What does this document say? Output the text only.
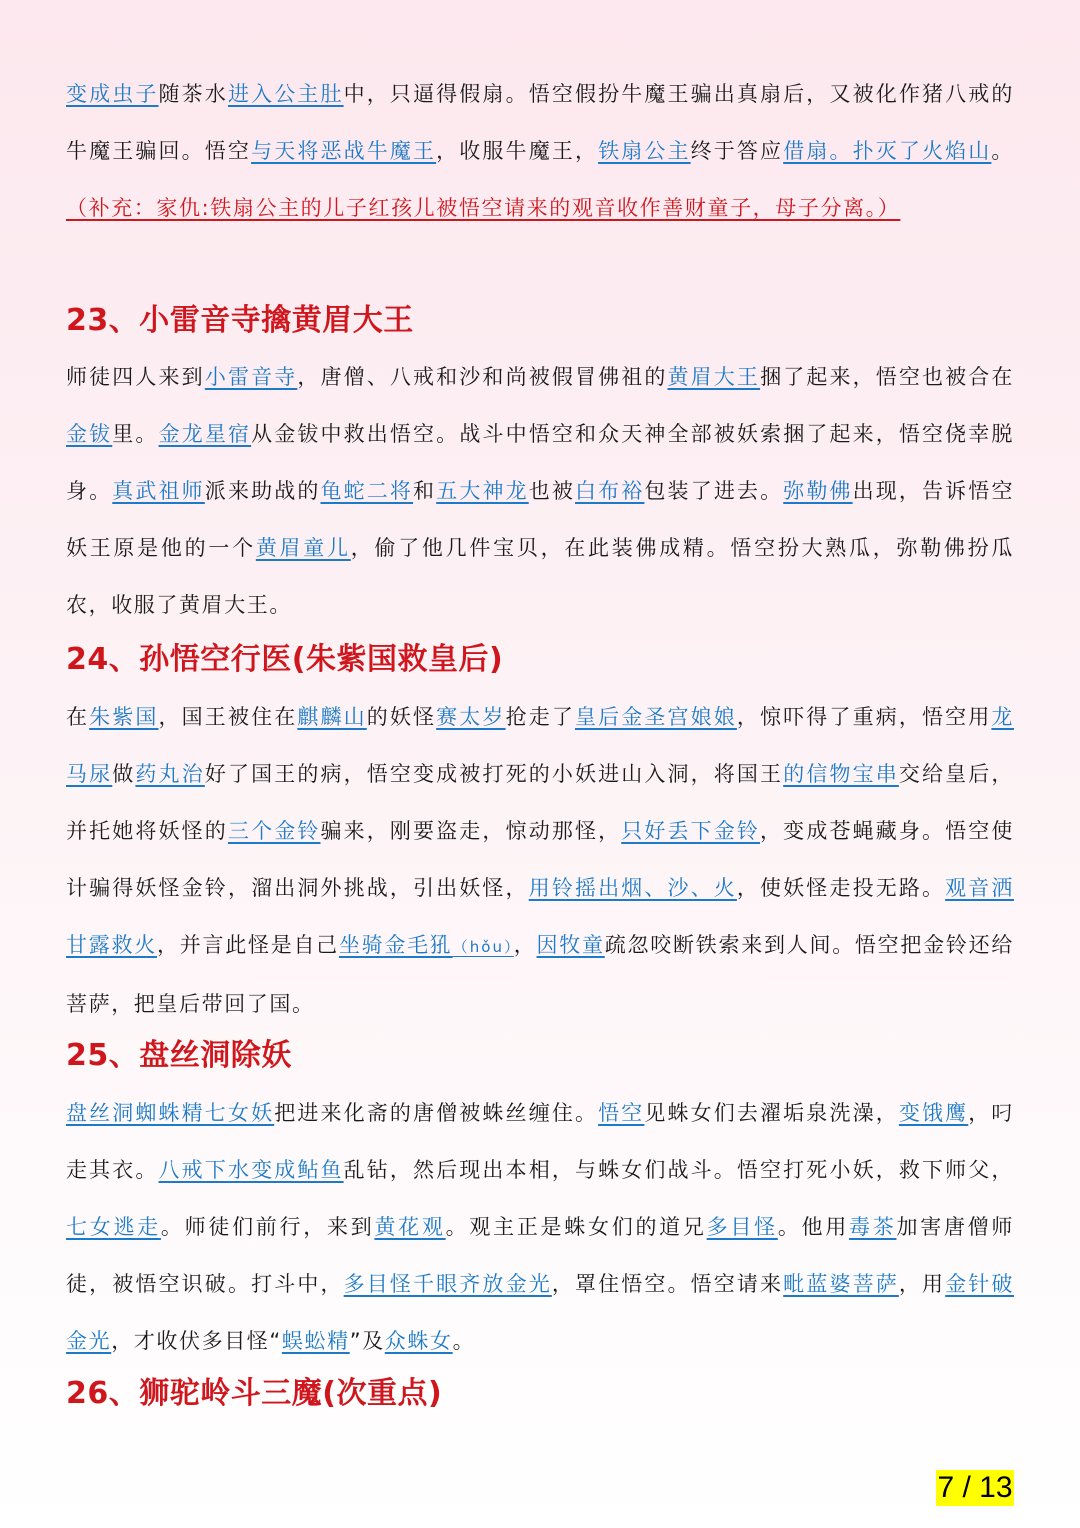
变成虫子随茶水进入公主肚中，只逼得假扇。悟空假扮牛魔王骗出真扇后，又被化作猪八戒的牛魔王骗回。悟空与天将恶战牛魔王，收服牛魔王，铁扇公主终于答应借扇。扑灭了火焰山。（补充：家仇:铁扇公主的儿子红孩儿被悟空请来的观音收作善财童子，母子分离。）

23、小雷音寺擒黄眉大王

师徒四人来到小雷音寺，唐僧、八戒和沙和尚被假冒佛祖的黄眉大王捆了起来，悟空也被合在金钹里。金龙星宿从金钹中救出悟空。战斗中悟空和众天神全部被妖索捆了起来，悟空侥幸脱身。真武祖师派来助战的龟蛇二将和五大神龙也被白布裕包装了进去。弥勒佛出现，告诉悟空妖王原是他的一个黄眉童儿，偷了他几件宝贝，在此装佛成精。悟空扮大熟瓜，弥勒佛扮瓜农，收服了黄眉大王。

24、孙悟空行医(朱紫国救皇后)

在朱紫国，国王被住在麒麟山的妖怪赛太岁抢走了皇后金圣宫娘娘，惊吓得了重病，悟空用龙马尿做药丸治好了国王的病，悟空变成被打死的小妖进山入洞，将国王的信物宝串交给皇后，并托她将妖怪的三个金铃骗来，刚要盗走，惊动那怪，只好丢下金铃，变成苍蝇藏身。悟空使计骗得妖怪金铃，溜出洞外挑战，引出妖怪，用铃摇出烟、沙、火，使妖怪走投无路。观音洒甘露救火，并言此怪是自己坐骑金毛犼（hǒu），因牧童疏忽咬断铁索来到人间。悟空把金铃还给菩萨，把皇后带回了国。

25、盘丝洞除妖

盘丝洞蜘蛛精七女妖把进来化斋的唐僧被蛛丝缠住。悟空见蛛女们去濯垢泉洗澡，变饿鹰，叼走其衣。八戒下水变成鲇鱼乱钻，然后现出本相，与蛛女们战斗。悟空打死小妖，救下师父，七女逃走。师徒们前行，来到黄花观。观主正是蛛女们的道兄多目怪。他用毒茶加害唐僧师徒，被悟空识破。打斗中，多目怪千眼齐放金光，罩住悟空。悟空请来毗蓝婆菩萨，用金针破金光，才收伏多目怪“蜈蚣精”及众蛛女。

26、狮驼岭斗三魔(次重点)
7 / 13
